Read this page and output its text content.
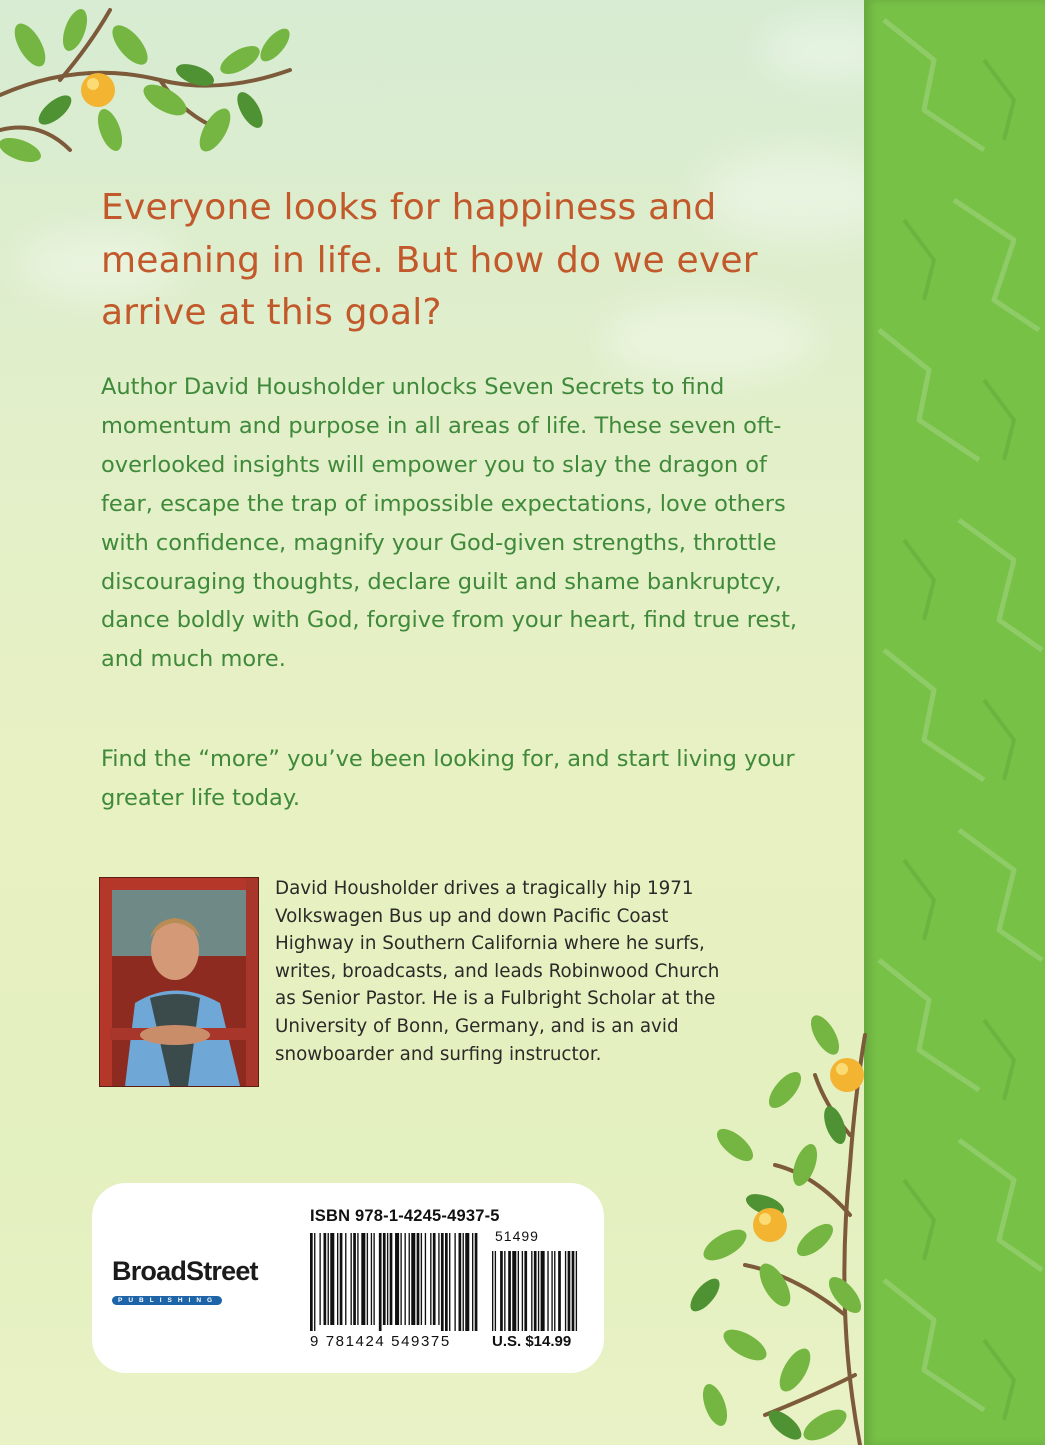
Everyone looks for happiness and meaning in life. But how do we ever arrive at this goal?

Author David Housholder unlocks Seven Secrets to find momentum and purpose in all areas of life. These seven oft-overlooked insights will empower you to slay the dragon of fear, escape the trap of impossible expectations, love others with confidence, magnify your God-given strengths, throttle discouraging thoughts, declare guilt and shame bankruptcy, dance boldly with God, forgive from your heart, find true rest, and much more.

Find the “more” you’ve been looking for, and start living your greater life today.

David Housholder drives a tragically hip 1971 Volkswagen Bus up and down Pacific Coast Highway in Southern California where he surfs, writes, broadcasts, and leads Robinwood Church as Senior Pastor. He is a Fulbright Scholar at the University of Bonn, Germany, and is an avid snowboarder and surfing instructor.

BroadStreet
PUBLISHING
ISBN 978-1-4245-4937-5
51499
9 781424 549375	U.S. $14.99
